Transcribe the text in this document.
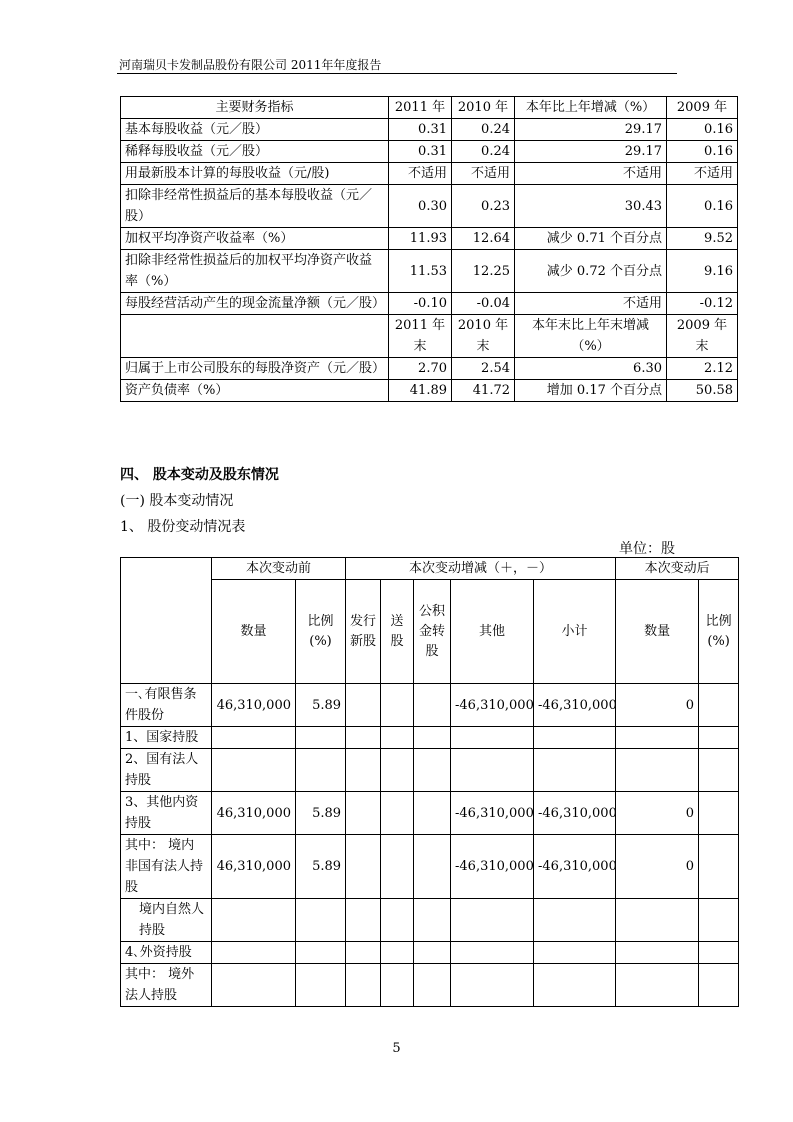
河南瑞贝卡发制品股份有限公司 2011年年度报告
主要财务指标	2011 年	2010 年	本年比上年增减（%）	2009 年
基本每股收益（元／股）	0.31	0.24	29.17	0.16
稀释每股收益（元／股）	0.31	0.24	29.17	0.16
用最新股本计算的每股收益（元/股)	不适用	不适用	不适用	不适用
扣除非经常性损益后的基本每股收益（元／股）	0.30	0.23	30.43	0.16
加权平均净资产收益率（%）	11.93	12.64	减少 0.71 个百分点	9.52
扣除非经常性损益后的加权平均净资产收益率（%）	11.53	12.25	减少 0.72 个百分点	9.16
每股经营活动产生的现金流量净额（元／股）	-0.10	-0.04	不适用	-0.12
	2011 年末	2010 年末	本年末比上年末增减（%）	2009 年末
归属于上市公司股东的每股净资产（元／股）	2.70	2.54	6.30	2.12
资产负债率（%）	41.89	41.72	增加 0.17 个百分点	50.58
四、 股本变动及股东情况
(一) 股本变动情况
1、 股份变动情况表
单位：股
	本次变动前		本次变动增减（＋，－）					本次变动后	
	数量	比例(%)	发行新股	送股	公积金转股	其他	小计	数量	比例(%)
一､有限售条件股份	46,310,000	5.89				-46,310,000	-46,310,000	0	
1、国家持股									
2、国有法人持股									
3、其他内资持股	46,310,000	5.89				-46,310,000	-46,310,000	0	
其中： 境内非国有法人持股	46,310,000	5.89				-46,310,000	-46,310,000	0	
境内自然人持股									
4､外资持股									
其中： 境外法人持股									
5
